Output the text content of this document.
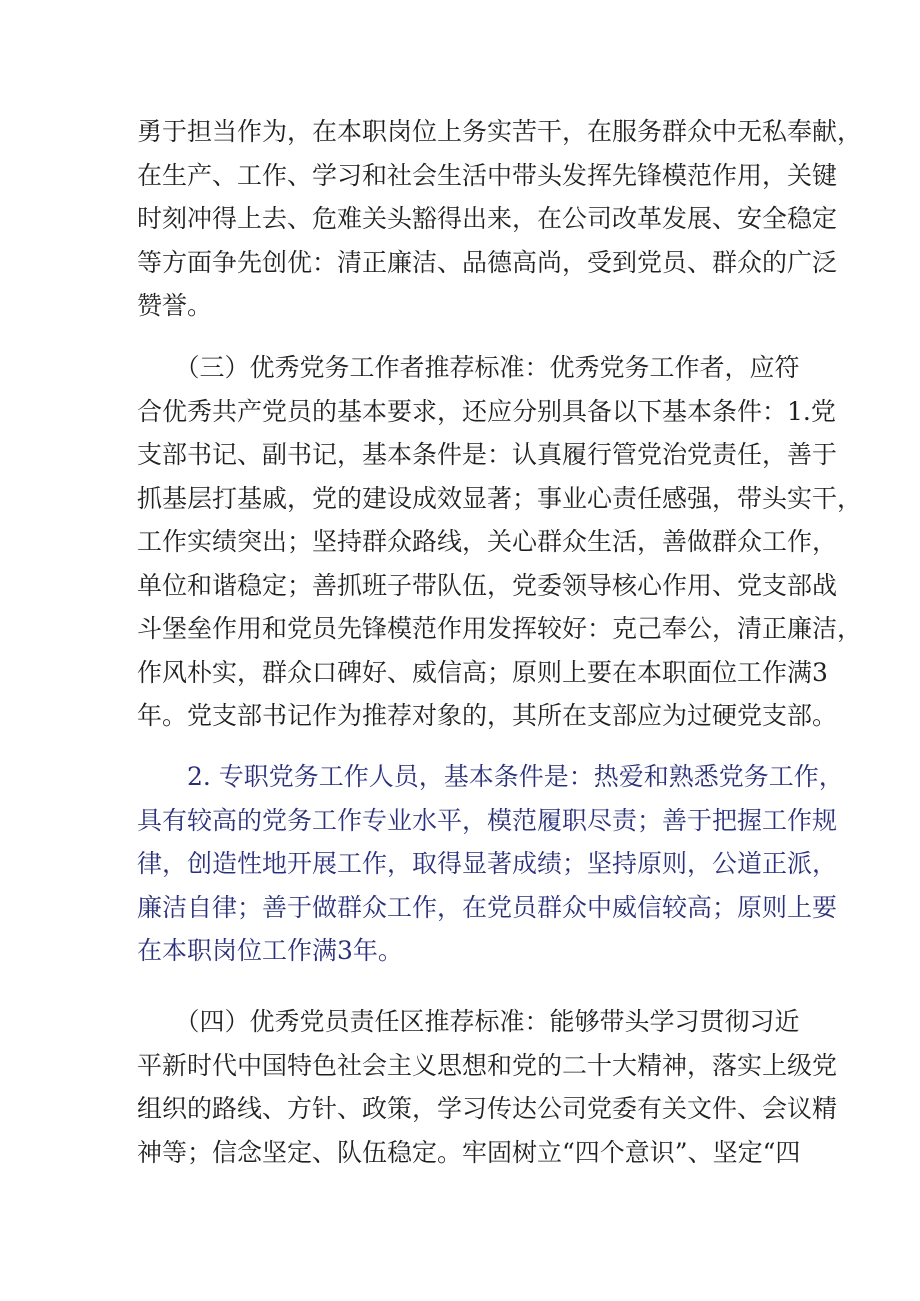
勇于担当作为，在本职岗位上务实苦干，在服务群众中无私奉献，
在生产、工作、学习和社会生活中带头发挥先锋模范作用，关键
时刻冲得上去、危难关头豁得出来，在公司改革发展、安全稳定
等方面争先创优：清正廉洁、品德高尚，受到党员、群众的广泛
赞誉。
　　（三）优秀党务工作者推荐标准：优秀党务工作者，应符
合优秀共产党员的基本要求，还应分别具备以下基本条件：1.党
支部书记、副书记，基本条件是：认真履行管党治党责任，善于
抓基层打基戚，党的建设成效显著；事业心责任感强，带头实干，
工作实绩突出；坚持群众路线，关心群众生活，善做群众工作，
单位和谐稳定；善抓班子带队伍，党委领导核心作用、党支部战
斗堡垒作用和党员先锋模范作用发挥较好：克己奉公，清正廉洁，
作风朴实，群众口碑好、威信高；原则上要在本职面位工作满3
年。党支部书记作为推荐对象的，其所在支部应为过硬党支部。
　　2. 专职党务工作人员，基本条件是：热爱和熟悉党务工作，
具有较高的党务工作专业水平，模范履职尽责；善于把握工作规
律，创造性地开展工作，取得显著成绩；坚持原则，公道正派，
廉洁自律；善于做群众工作，在党员群众中威信较高；原则上要
在本职岗位工作满3年。
　　（四）优秀党员责任区推荐标准：能够带头学习贯彻习近
平新时代中国特色社会主义思想和党的二十大精神，落实上级党
组织的路线、方针、政策，学习传达公司党委有关文件、会议精
神等；信念坚定、队伍稳定。牢固树立“四个意识”、坚定“四
